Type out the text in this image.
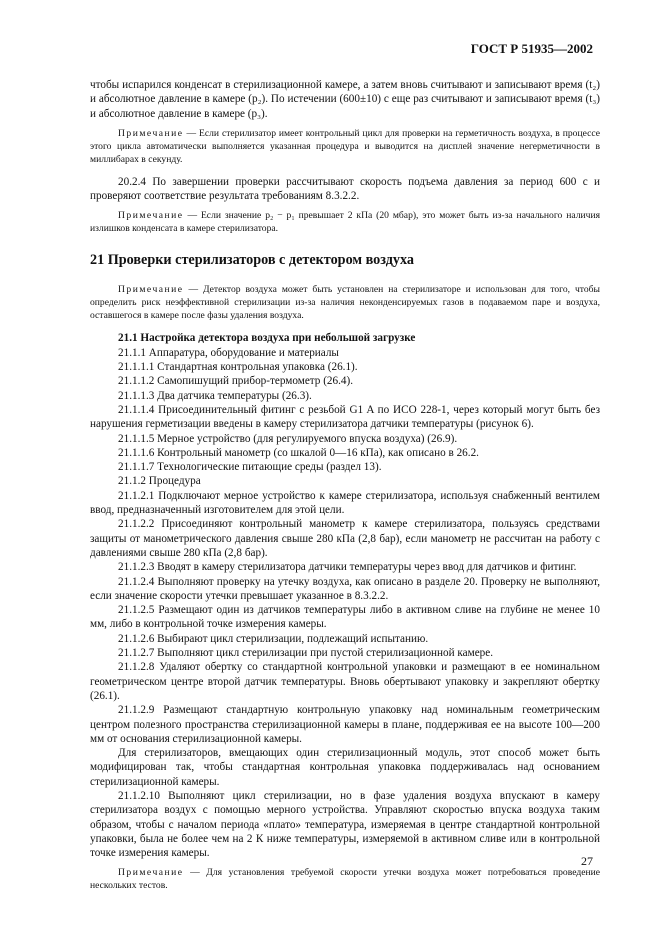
ГОСТ Р 51935—2002

чтобы испарился конденсат в стерилизационной камере, а затем вновь считывают и записывают время (t₂) и абсолютное давление в камере (p₂). По истечении (600±10) с еще раз считывают и записывают время (t₃) и абсолютное давление в камере (p₃).

Примечание — Если стерилизатор имеет контрольный цикл для проверки на герметичность воздуха, в процессе этого цикла автоматически выполняется указанная процедура и выводится на дисплей значение негерметичности в миллибарах в секунду.

20.2.4 По завершении проверки рассчитывают скорость подъема давления за период 600 с и проверяют соответствие результата требованиям 8.3.2.2.

Примечание — Если значение p₂ − p₁ превышает 2 кПа (20 мбар), это может быть из-за начального наличия излишков конденсата в камере стерилизатора.

21 Проверки стерилизаторов с детектором воздуха

Примечание — Детектор воздуха может быть установлен на стерилизаторе и использован для того, чтобы определить риск неэффективной стерилизации из-за наличия неконденсируемых газов в подаваемом паре и воздуха, оставшегося в камере после фазы удаления воздуха.

21.1 Настройка детектора воздуха при небольшой загрузке

21.1.1 Аппаратура, оборудование и материалы

21.1.1.1 Стандартная контрольная упаковка (26.1).

21.1.1.2 Самопишущий прибор-термометр (26.4).

21.1.1.3 Два датчика температуры (26.3).

21.1.1.4 Присоединительный фитинг с резьбой G1 A по ИСО 228-1, через который могут быть без нарушения герметизации введены в камеру стерилизатора датчики температуры (рисунок 6).

21.1.1.5 Мерное устройство (для регулируемого впуска воздуха) (26.9).

21.1.1.6 Контрольный манометр (со шкалой 0—16 кПа), как описано в 26.2.

21.1.1.7 Технологические питающие среды (раздел 13).

21.1.2 Процедура

21.1.2.1 Подключают мерное устройство к камере стерилизатора, используя снабженный вентилем ввод, предназначенный изготовителем для этой цели.

21.1.2.2 Присоединяют контрольный манометр к камере стерилизатора, пользуясь средствами защиты от манометрического давления свыше 280 кПа (2,8 бар), если манометр не рассчитан на работу с давлениями свыше 280 кПа (2,8 бар).

21.1.2.3 Вводят в камеру стерилизатора датчики температуры через ввод для датчиков и фитинг.

21.1.2.4 Выполняют проверку на утечку воздуха, как описано в разделе 20. Проверку не выполняют, если значение скорости утечки превышает указанное в 8.3.2.2.

21.1.2.5 Размещают один из датчиков температуры либо в активном сливе на глубине не менее 10 мм, либо в контрольной точке измерения камеры.

21.1.2.6 Выбирают цикл стерилизации, подлежащий испытанию.

21.1.2.7 Выполняют цикл стерилизации при пустой стерилизационной камере.

21.1.2.8 Удаляют обертку со стандартной контрольной упаковки и размещают в ее номинальном геометрическом центре второй датчик температуры. Вновь обертывают упаковку и закрепляют обертку (26.1).

21.1.2.9 Размещают стандартную контрольную упаковку над номинальным геометрическим центром полезного пространства стерилизационной камеры в плане, поддерживая ее на высоте 100—200 мм от основания стерилизационной камеры.

Для стерилизаторов, вмещающих один стерилизационный модуль, этот способ может быть модифицирован так, чтобы стандартная контрольная упаковка поддерживалась над основанием стерилизационной камеры.

21.1.2.10 Выполняют цикл стерилизации, но в фазе удаления воздуха впускают в камеру стерилизатора воздух с помощью мерного устройства. Управляют скоростью впуска воздуха таким образом, чтобы с началом периода «плато» температура, измеряемая в центре стандартной контрольной упаковки, была не более чем на 2 К ниже температуры, измеряемой в активном сливе или в контрольной точке измерения камеры.

Примечание — Для установления требуемой скорости утечки воздуха может потребоваться проведение нескольких тестов.

27
